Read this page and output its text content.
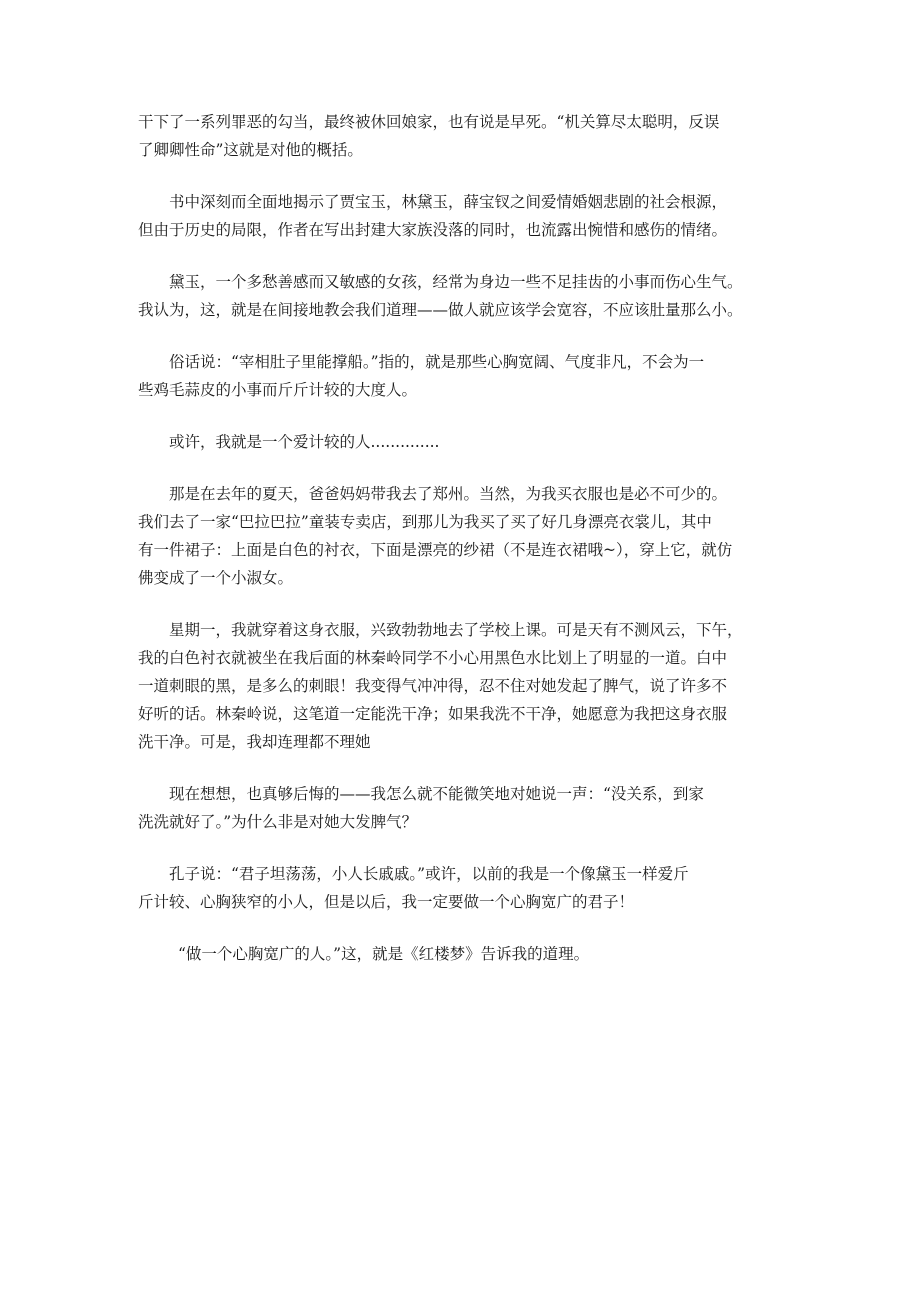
干下了一系列罪恶的勾当，最终被休回娘家，也有说是早死。“机关算尽太聪明，反误
了卿卿性命”这就是对他的概括。

书中深刻而全面地揭示了贾宝玉，林黛玉，薛宝钗之间爱情婚姻悲剧的社会根源，
但由于历史的局限，作者在写出封建大家族没落的同时，也流露出惋惜和感伤的情绪。

黛玉，一个多愁善感而又敏感的女孩，经常为身边一些不足挂齿的小事而伤心生气。
我认为，这，就是在间接地教会我们道理——做人就应该学会宽容，不应该肚量那么小。

俗话说：“宰相肚子里能撑船。”指的，就是那些心胸宽阔、气度非凡，不会为一
些鸡毛蒜皮的小事而斤斤计较的大度人。

或许，我就是一个爱计较的人..............

那是在去年的夏天，爸爸妈妈带我去了郑州。当然，为我买衣服也是必不可少的。
我们去了一家“巴拉巴拉”童装专卖店，到那儿为我买了买了好几身漂亮衣裳儿，其中
有一件裙子：上面是白色的衬衣，下面是漂亮的纱裙（不是连衣裙哦~），穿上它，就仿
佛变成了一个小淑女。

星期一，我就穿着这身衣服，兴致勃勃地去了学校上课。可是天有不测风云，下午，
我的白色衬衣就被坐在我后面的林秦岭同学不小心用黑色水比划上了明显的一道。白中
一道刺眼的黑，是多么的刺眼！我变得气冲冲得，忍不住对她发起了脾气，说了许多不
好听的话。林秦岭说，这笔道一定能洗干净；如果我洗不干净，她愿意为我把这身衣服
洗干净。可是，我却连理都不理她

现在想想，也真够后悔的——我怎么就不能微笑地对她说一声：“没关系，到家
洗洗就好了。”为什么非是对她大发脾气？

孔子说：“君子坦荡荡，小人长戚戚。”或许，以前的我是一个像黛玉一样爱斤
斤计较、心胸狭窄的小人，但是以后，我一定要做一个心胸宽广的君子！

“做一个心胸宽广的人。”这，就是《红楼梦》告诉我的道理。
